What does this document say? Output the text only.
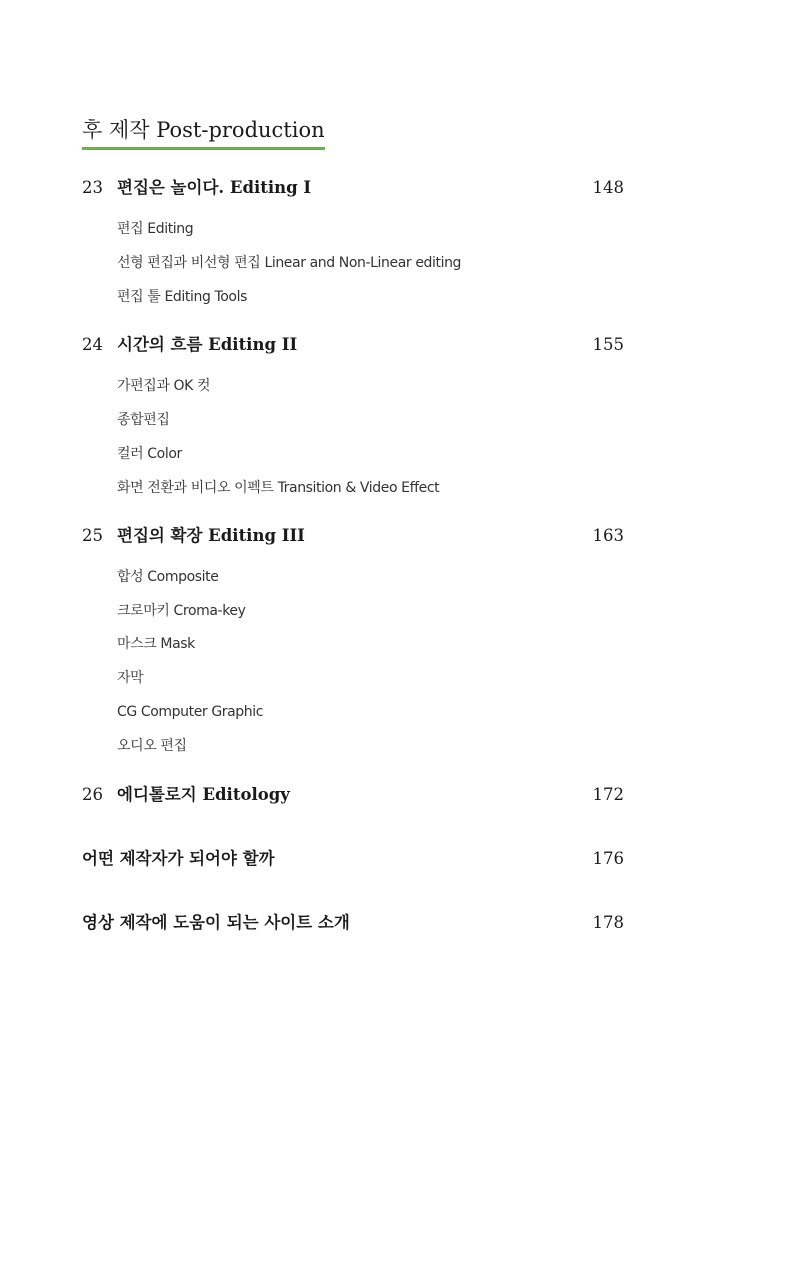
후 제작 Post-production
23 편집은 놀이다. Editing I	148
편집 Editing
선형 편집과 비선형 편집 Linear and Non-Linear editing
편집 툴 Editing Tools
24 시간의 흐름 Editing II	155
가편집과 OK 컷
종합편집
컬러 Color
화면 전환과 비디오 이펙트 Transition & Video Effect
25 편집의 확장 Editing III	163
합성 Composite
크로마키 Croma-key
마스크 Mask
자막
CG Computer Graphic
오디오 편집
26 에디톨로지 Editology	172
어떤 제작자가 되어야 할까	176
영상 제작에 도움이 되는 사이트 소개	178
